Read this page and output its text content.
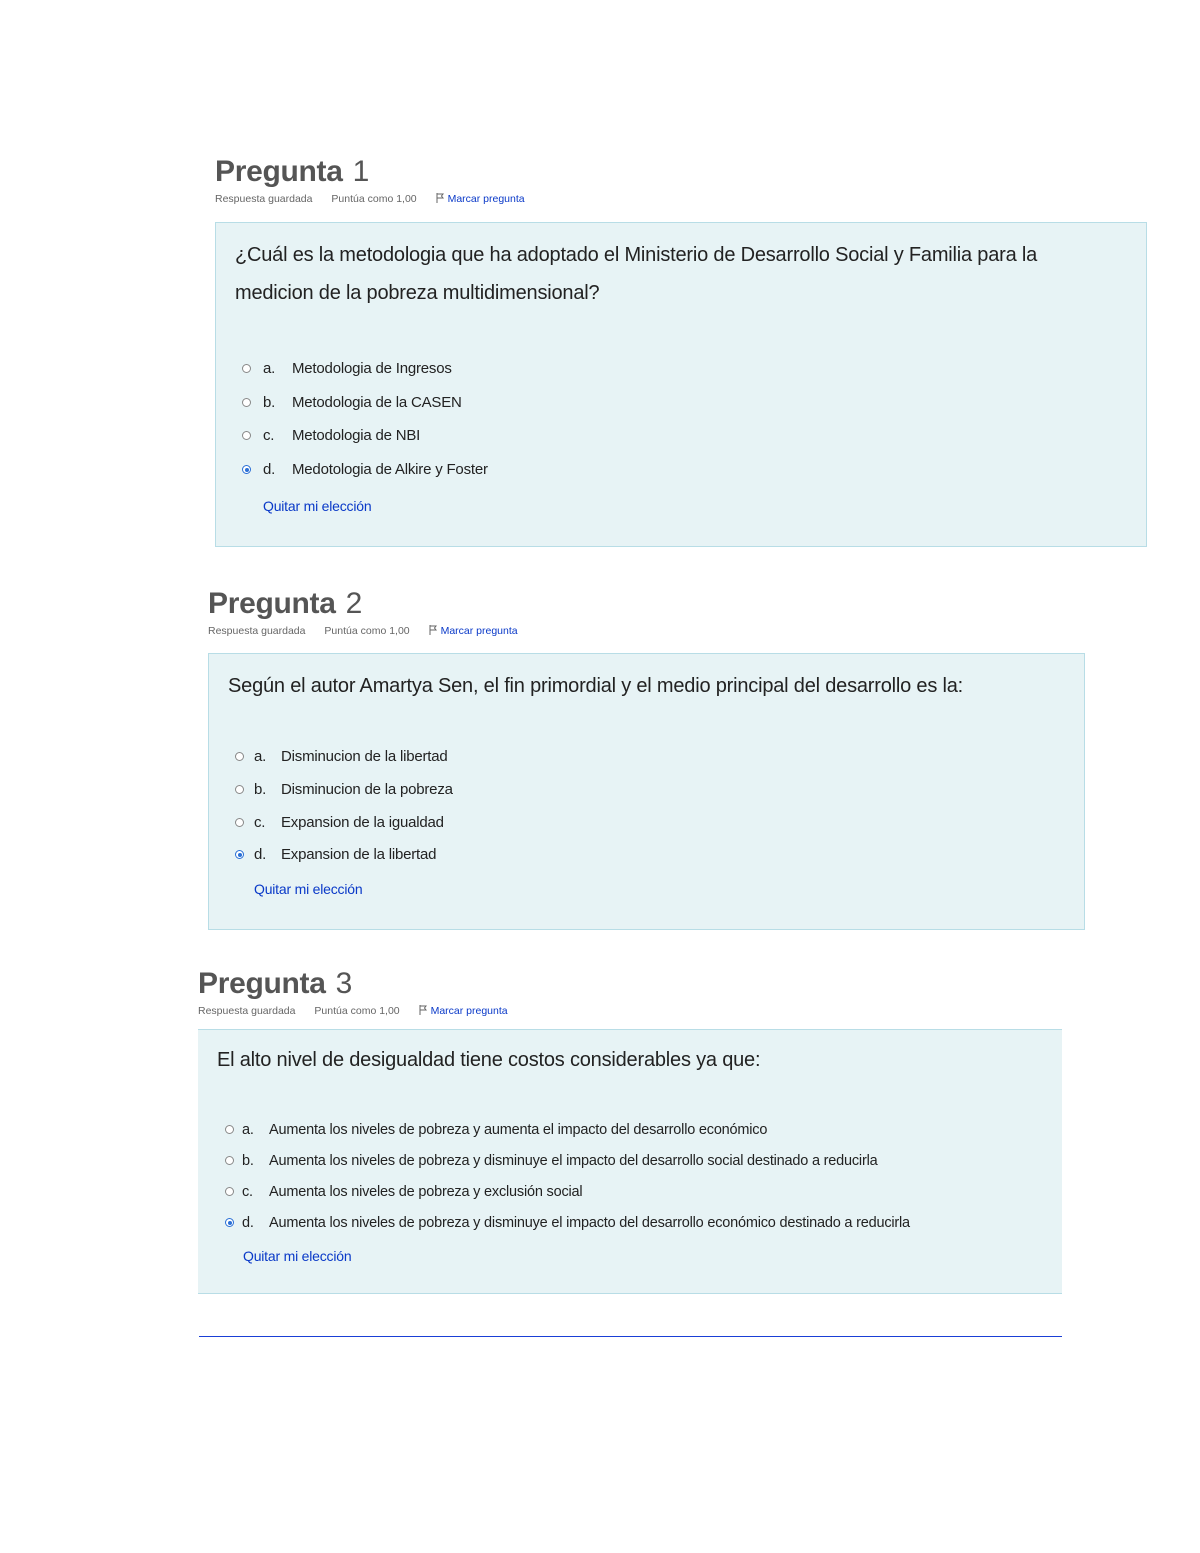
Pregunta 1
Respuesta guardada Puntúa como 1,00	Marcar pregunta
¿Cuál es la metodologia que ha adoptado el Ministerio de Desarrollo Social y Familia para la
medicion de la pobreza multidimensional?
a. Metodologia de Ingresos
b. Metodologia de la CASEN
c. Metodologia de NBI
d. Medotologia de Alkire y Foster
Quitar mi elección
Pregunta 2
Respuesta guardada Puntúa como 1,00	Marcar pregunta
Según el autor Amartya Sen, el fin primordial y el medio principal del desarrollo es la:
a. Disminucion de la libertad
b. Disminucion de la pobreza
c. Expansion de la igualdad
d. Expansion de la libertad
Quitar mi elección
Pregunta 3
Respuesta guardada Puntúa como 1,00	Marcar pregunta
El alto nivel de desigualdad tiene costos considerables ya que:
a. Aumenta los niveles de pobreza y aumenta el impacto del desarrollo económico
b. Aumenta los niveles de pobreza y disminuye el impacto del desarrollo social destinado a reducirla
c. Aumenta los niveles de pobreza y exclusión social
d. Aumenta los niveles de pobreza y disminuye el impacto del desarrollo económico destinado a reducirla
Quitar mi elección
